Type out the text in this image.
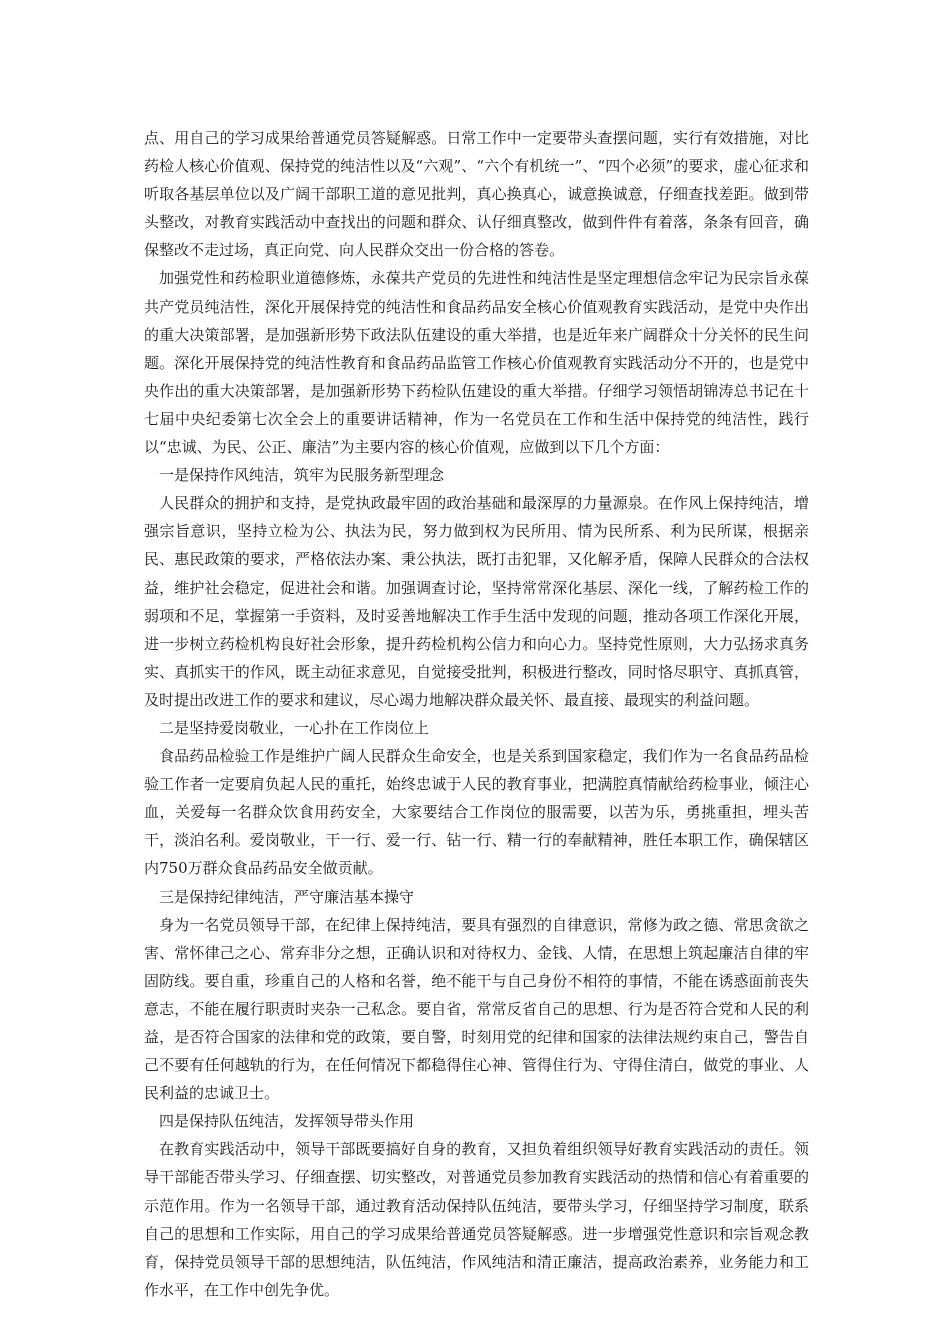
点、用自己的学习成果给普通党员答疑解惑。日常工作中一定要带头查摆问题，实行有效措施，对比药检人核心价值观、保持党的纯洁性以及“六观”、“六个有机统一”、“四个必须”的要求，虚心征求和听取各基层单位以及广阔干部职工道的意见批判，真心换真心，诚意换诚意，仔细查找差距。做到带头整改，对教育实践活动中查找出的问题和群众、认仔细真整改，做到件件有着落，条条有回音，确保整改不走过场，真正向党、向人民群众交出一份合格的答卷。

加强党性和药检职业道德修炼，永葆共产党员的先进性和纯洁性是坚定理想信念牢记为民宗旨永葆共产党员纯洁性，深化开展保持党的纯洁性和食品药品安全核心价值观教育实践活动，是党中央作出的重大决策部署，是加强新形势下政法队伍建设的重大举措，也是近年来广阔群众十分关怀的民生问题。深化开展保持党的纯洁性教育和食品药品监管工作核心价值观教育实践活动分不开的，也是党中央作出的重大决策部署，是加强新形势下药检队伍建设的重大举措。仔细学习领悟胡锦涛总书记在十七届中央纪委第七次全会上的重要讲话精神，作为一名党员在工作和生活中保持党的纯洁性，践行以“忠诚、为民、公正、廉洁”为主要内容的核心价值观，应做到以下几个方面：

一是保持作风纯洁，筑牢为民服务新型理念

人民群众的拥护和支持，是党执政最牢固的政治基础和最深厚的力量源泉。在作风上保持纯洁，增强宗旨意识，坚持立检为公、执法为民，努力做到权为民所用、情为民所系、利为民所谋，根据亲民、惠民政策的要求，严格依法办案、秉公执法，既打击犯罪，又化解矛盾，保障人民群众的合法权益，维护社会稳定，促进社会和谐。加强调查讨论，坚持常常深化基层、深化一线，了解药检工作的弱项和不足，掌握第一手资料，及时妥善地解决工作手生活中发现的问题，推动各项工作深化开展，进一步树立药检机构良好社会形象，提升药检机构公信力和向心力。坚持党性原则，大力弘扬求真务实、真抓实干的作风，既主动征求意见，自觉接受批判，积极进行整改，同时恪尽职守、真抓真管，及时提出改进工作的要求和建议，尽心竭力地解决群众最关怀、最直接、最现实的利益问题。

二是坚持爱岗敬业，一心扑在工作岗位上

食品药品检验工作是维护广阔人民群众生命安全，也是关系到国家稳定，我们作为一名食品药品检验工作者一定要肩负起人民的重托，始终忠诚于人民的教育事业，把满腔真情献给药检事业，倾注心血，关爱每一名群众饮食用药安全，大家要结合工作岗位的服需要，以苦为乐，勇挑重担，埋头苦干，淡泊名利。爱岗敬业，干一行、爱一行、钻一行、精一行的奉献精神，胜任本职工作，确保辖区内750万群众食品药品安全做贡献。

三是保持纪律纯洁，严守廉洁基本操守

身为一名党员领导干部，在纪律上保持纯洁，要具有强烈的自律意识，常修为政之德、常思贪欲之害、常怀律己之心、常弃非分之想，正确认识和对待权力、金钱、人情，在思想上筑起廉洁自律的牢固防线。要自重，珍重自己的人格和名誉，绝不能干与自己身份不相符的事情，不能在诱惑面前丧失意志，不能在履行职责时夹杂一己私念。要自省，常常反省自己的思想、行为是否符合党和人民的利益，是否符合国家的法律和党的政策，要自警，时刻用党的纪律和国家的法律法规约束自己，警告自己不要有任何越轨的行为，在任何情况下都稳得住心神、管得住行为、守得住清白，做党的事业、人民利益的忠诚卫士。

四是保持队伍纯洁，发挥领导带头作用

在教育实践活动中，领导干部既要搞好自身的教育，又担负着组织领导好教育实践活动的责任。领导干部能否带头学习、仔细查摆、切实整改，对普通党员参加教育实践活动的热情和信心有着重要的示范作用。作为一名领导干部，通过教育活动保持队伍纯洁，要带头学习，仔细坚持学习制度，联系自己的思想和工作实际，用自己的学习成果给普通党员答疑解惑。进一步增强党性意识和宗旨观念教育，保持党员领导干部的思想纯洁，队伍纯洁，作风纯洁和清正廉洁，提高政治素养，业务能力和工作水平，在工作中创先争优。
